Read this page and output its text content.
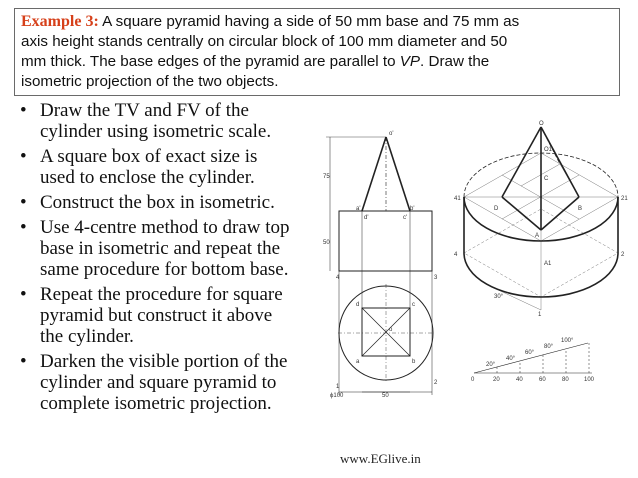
Example 3: A square pyramid having a side of 50 mm base and 75 mm as
axis height stands centrally on circular block of 100 mm diameter and 50
mm thick. The base edges of the pyramid are parallel to VP. Draw the
isometric projection of the two objects.
• Draw the TV and FV of the
cylinder using isometric scale.
• A square box of exact size is
used to enclose the cylinder.
• Construct the box in isometric.
• Use 4-centre method to draw top
base in isometric and repeat the
same procedure for bottom base.
• Repeat the procedure for square
pyramid but construct it above
the cylinder.
• Darken the visible portion of the
cylinder and square pyramid to
complete isometric projection.
75
50
o'
a'
d'
b'
c'
4	3
1
2
d	c
o
a	b
ϕ100	50
O
O1
C
D	B
A
A1
41
4
21
2
1
30°
0	20	40	60	80	100
20°
40°
60°
80°
100°
www.EGlive.in
